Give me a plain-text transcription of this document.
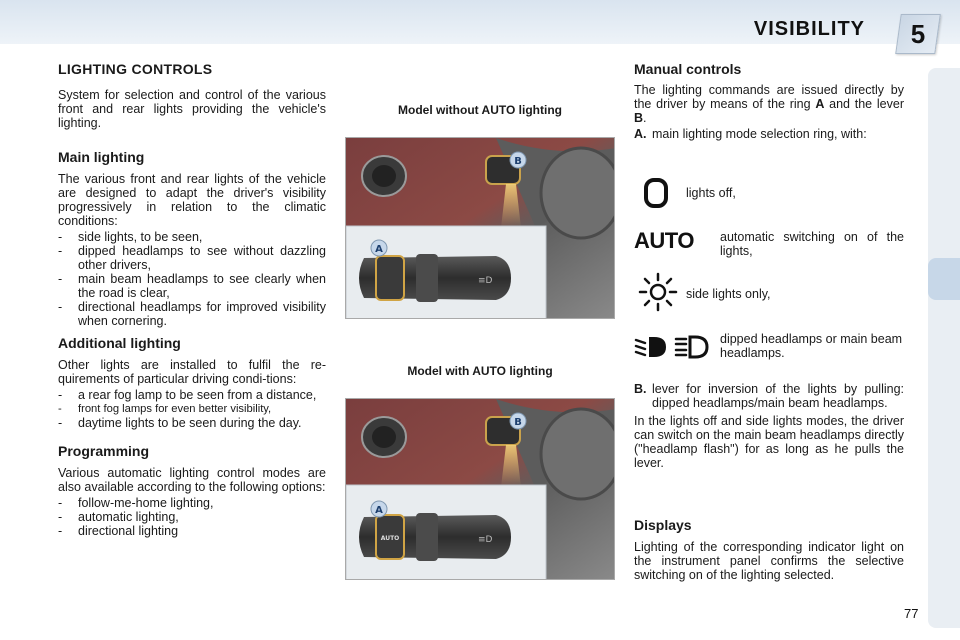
VISIBILITY	5
LIGHTING CONTROLS

System for selection and control of the various front and rear lights providing the vehicle's lighting.

Main lighting

The various front and rear lights of the vehicle are designed to adapt the driver's visibility progressively in relation to the climatic conditions:

- side lights, to be seen,
- dipped headlamps to see without dazzling other drivers,
- main beam headlamps to see clearly when the road is clear,
- directional headlamps for improved visibility when cornering.
Additional lighting

Other lights are installed to fulfil the re-quirements of particular driving condi-tions:

- a rear fog lamp to be seen from a distance,
- front fog lamps for even better visibility,
- daytime lights to be seen during the day.
Programming

Various automatic lighting control modes are also available according to the following options:

- follow-me-home lighting,
- automatic lighting,
- directional lighting
Model without AUTO lighting
Model with AUTO lighting
≡D
A
B
AUTO	≡D
A
B
Manual controls

The lighting commands are issued directly by the driver by means of the ring A and the lever B.

A. main lighting mode selection ring, with:

lights off,
AUTO automatic switching on of the lights,
side lights only,
dipped headlamps or main beam headlamps.
B. lever for inversion of the lights by pulling: dipped headlamps/main beam headlamps.

In the lights off and side lights modes, the driver can switch on the main beam headlamps directly ("headlamp flash") for as long as he pulls the lever.

Displays

Lighting of the corresponding indicator light on the instrument panel confirms the selective switching on of the lighting selected.

77
